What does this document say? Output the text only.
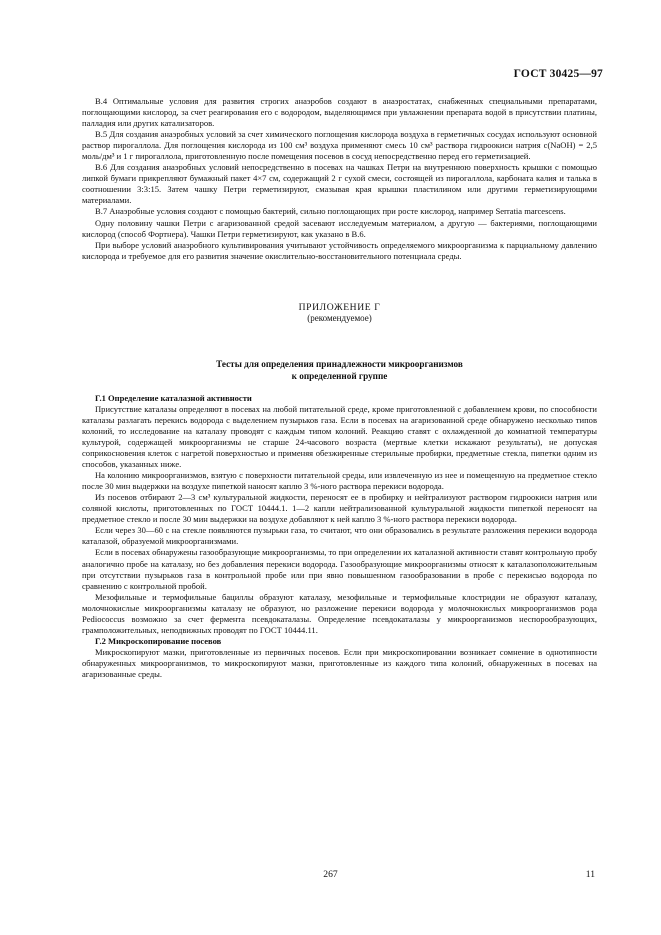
ГОСТ 30425—97

В.4 Оптимальные условия для развития строгих анаэробов создают в анаэростатах, снабженных специальными препаратами, поглощающими кислород, за счет реагирования его с водородом, выделяющимся при увлажнении препарата водой в присутствии платины, палладия или других катализаторов.

В.5 Для создания анаэробных условий за счет химического поглощения кислорода воздуха в герметичных сосудах используют основной раствор пирогаллола. Для поглощения кислорода из 100 см³ воздуха применяют смесь 10 см³ раствора гидроокиси натрия c(NaOH) = 2,5 моль/дм³ и 1 г пирогаллола, приготовленную после помещения посевов в сосуд непосредственно перед его герметизацией.

В.6 Для создания анаэробных условий непосредственно в посевах на чашках Петри на внутреннюю поверхность крышки с помощью липкой бумаги прикрепляют бумажный пакет 4×7 см, содержащий 2 г сухой смеси, состоящей из пирогаллола, карбоната калия и талька в соотношении 3:3:15. Затем чашку Петри герметизируют, смазывая края крышки пластилином или другими герметизирующими материалами.

В.7 Анаэробные условия создают с помощью бактерий, сильно поглощающих при росте кислород, например Serratia marcescens.

Одну половину чашки Петри с агаризованной средой засевают исследуемым материалом, а другую — бактериями, поглощающими кислород (способ Фортнера). Чашки Петри герметизируют, как указано в В.6.

При выборе условий анаэробного культивирования учитывают устойчивость определяемого микроорганизма к парциальному давлению кислорода и требуемое для его развития значение окислительно-восстановительного потенциала среды.

ПРИЛОЖЕНИЕ Г

(рекомендуемое)

Тесты для определения принадлежности микроорганизмов

к определенной группе

Г.1 Определение каталазной активности

Присутствие каталазы определяют в посевах на любой питательной среде, кроме приготовленной с добавлением крови, по способности каталазы разлагать перекись водорода с выделением пузырьков газа. Если в посевах на агаризованной среде обнаружено несколько типов колоний, то исследование на каталазу проводят с каждым типом колоний. Реакцию ставят с охлажденной до комнатной температуры культурой, содержащей микроорганизмы не старше 24-часового возраста (мертвые клетки искажают результаты), не допуская соприкосновения клеток с нагретой поверхностью и применяя обезжиренные стерильные пробирки, предметные стекла, пипетки одним из способов, указанных ниже.

На колонию микроорганизмов, взятую с поверхности питательной среды, или извлеченную из нее и помещенную на предметное стекло после 30 мин выдержки на воздухе пипеткой наносят каплю 3 %-ного раствора перекиси водорода.

Из посевов отбирают 2—3 см³ культуральной жидкости, переносят ее в пробирку и нейтрализуют раствором гидроокиси натрия или соляной кислоты, приготовленных по ГОСТ 10444.1. 1—2 капли нейтрализованной культуральной жидкости пипеткой переносят на предметное стекло и после 30 мин выдержки на воздухе добавляют к ней каплю 3 %-ного раствора перекиси водорода.

Если через 30—60 с на стекле появляются пузырьки газа, то считают, что они образовались в результате разложения перекиси водорода каталазой, образуемой микроорганизмами.

Если в посевах обнаружены газообразующие микроорганизмы, то при определении их каталазной активности ставят контрольную пробу аналогично пробе на каталазу, но без добавления перекиси водорода. Газообразующие микроорганизмы относят к каталазоположительным при отсутствии пузырьков газа в контрольной пробе или при явно повышенном газообразовании в пробе с перекисью водорода по сравнению с контрольной пробой.

Мезофильные и термофильные бациллы образуют каталазу, мезофильные и термофильные клостридии не образуют каталазу, молочнокислые микроорганизмы каталазу не образуют, но разложение перекиси водорода у молочнокислых микроорганизмов рода Pediococcus возможно за счет фермента псевдокаталазы. Определение псевдокаталазы у микроорганизмов неспорообразующих, грамположительных, неподвижных проводят по ГОСТ 10444.11.

Г.2 Микроскопирование посевов

Микроскопируют мазки, приготовленные из первичных посевов. Если при микроскопировании возникает сомнение в однотипности обнаруженных микроорганизмов, то микроскопируют мазки, приготовленные из каждого типа колоний, обнаруженных в посевах на агаризованные среды.

267	11
